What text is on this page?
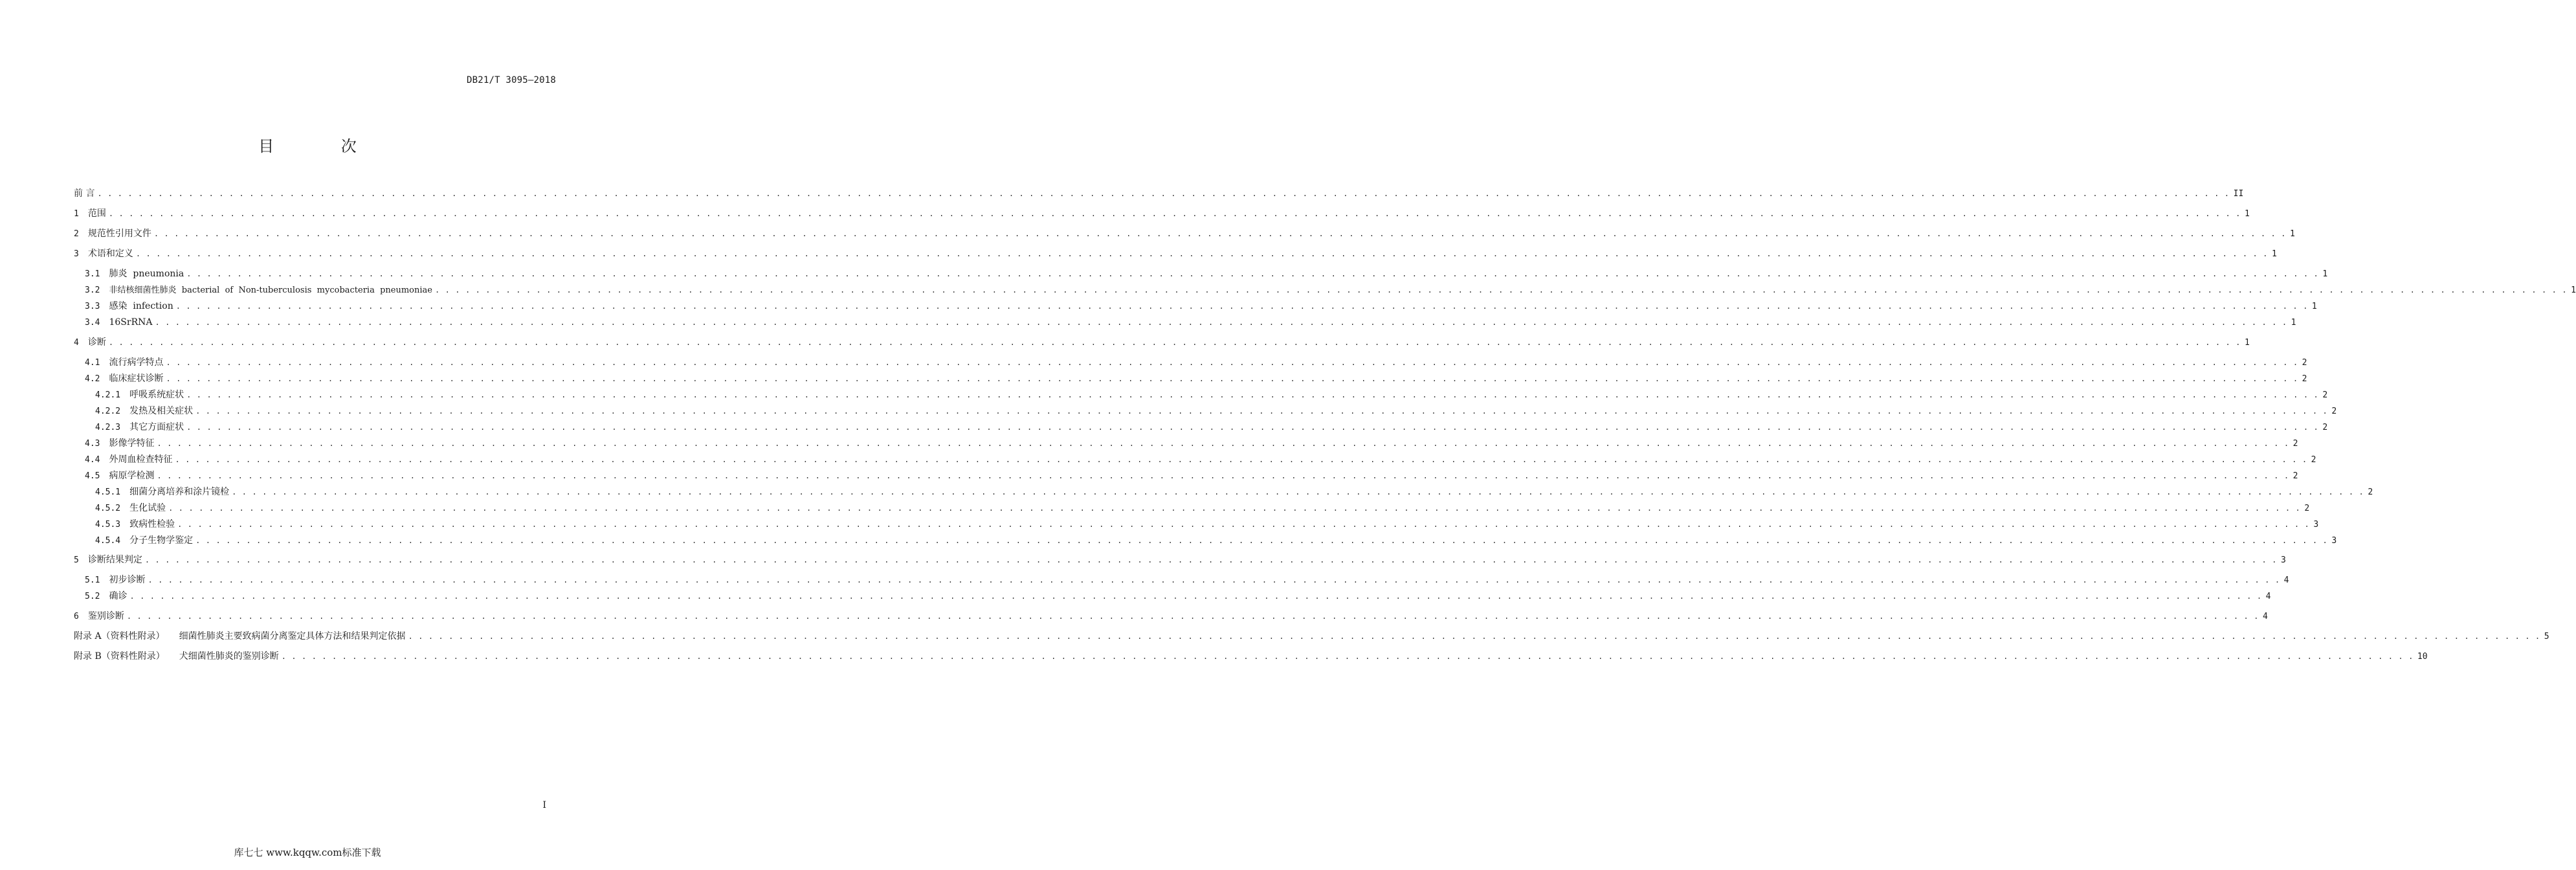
DB21/T 3095—2018
目 次
前 言 . . .	II
1 范围 . . .	1
2 规范性引用文件 . . .	1
3 术语和定义 . . .	1
3.1 肺炎  pneumonia . . .	1
3.2 非结核细菌性肺炎  bacterial  of  Non-tuberculosis  mycobacteria  pneumoniae . . .	1
3.3 感染  infection . . .	1
3.4 16SrRNA . . .	1
4 诊断 . . .	1
4.1 流行病学特点 . . .	2
4.2 临床症状诊断 . . .	2
4.2.1 呼吸系统症状 . . .	2
4.2.2 发热及相关症状 . . .	2
4.2.3 其它方面症状 . . .	2
4.3 影像学特征 . . .	2
4.4 外周血检查特征 . . .	2
4.5 病原学检测 . . .	2
4.5.1 细菌分离培养和涂片镜检 . . .	2
4.5.2 生化试验 . . .	2
4.5.3 致病性检验 . . .	3
4.5.4 分子生物学鉴定 . . .	3
5 诊断结果判定 . . .	3
5.1 初步诊断 . . .	4
5.2 确诊 . . .	4
6 鉴别诊断 . . .	4
附录 A（资料性附录） 细菌性肺炎主要致病菌分离鉴定具体方法和结果判定依据 . . .	5
附录 B（资料性附录） 犬细菌性肺炎的鉴别诊断 . . .	10
I
库七七 www.kqqw.com标准下载
